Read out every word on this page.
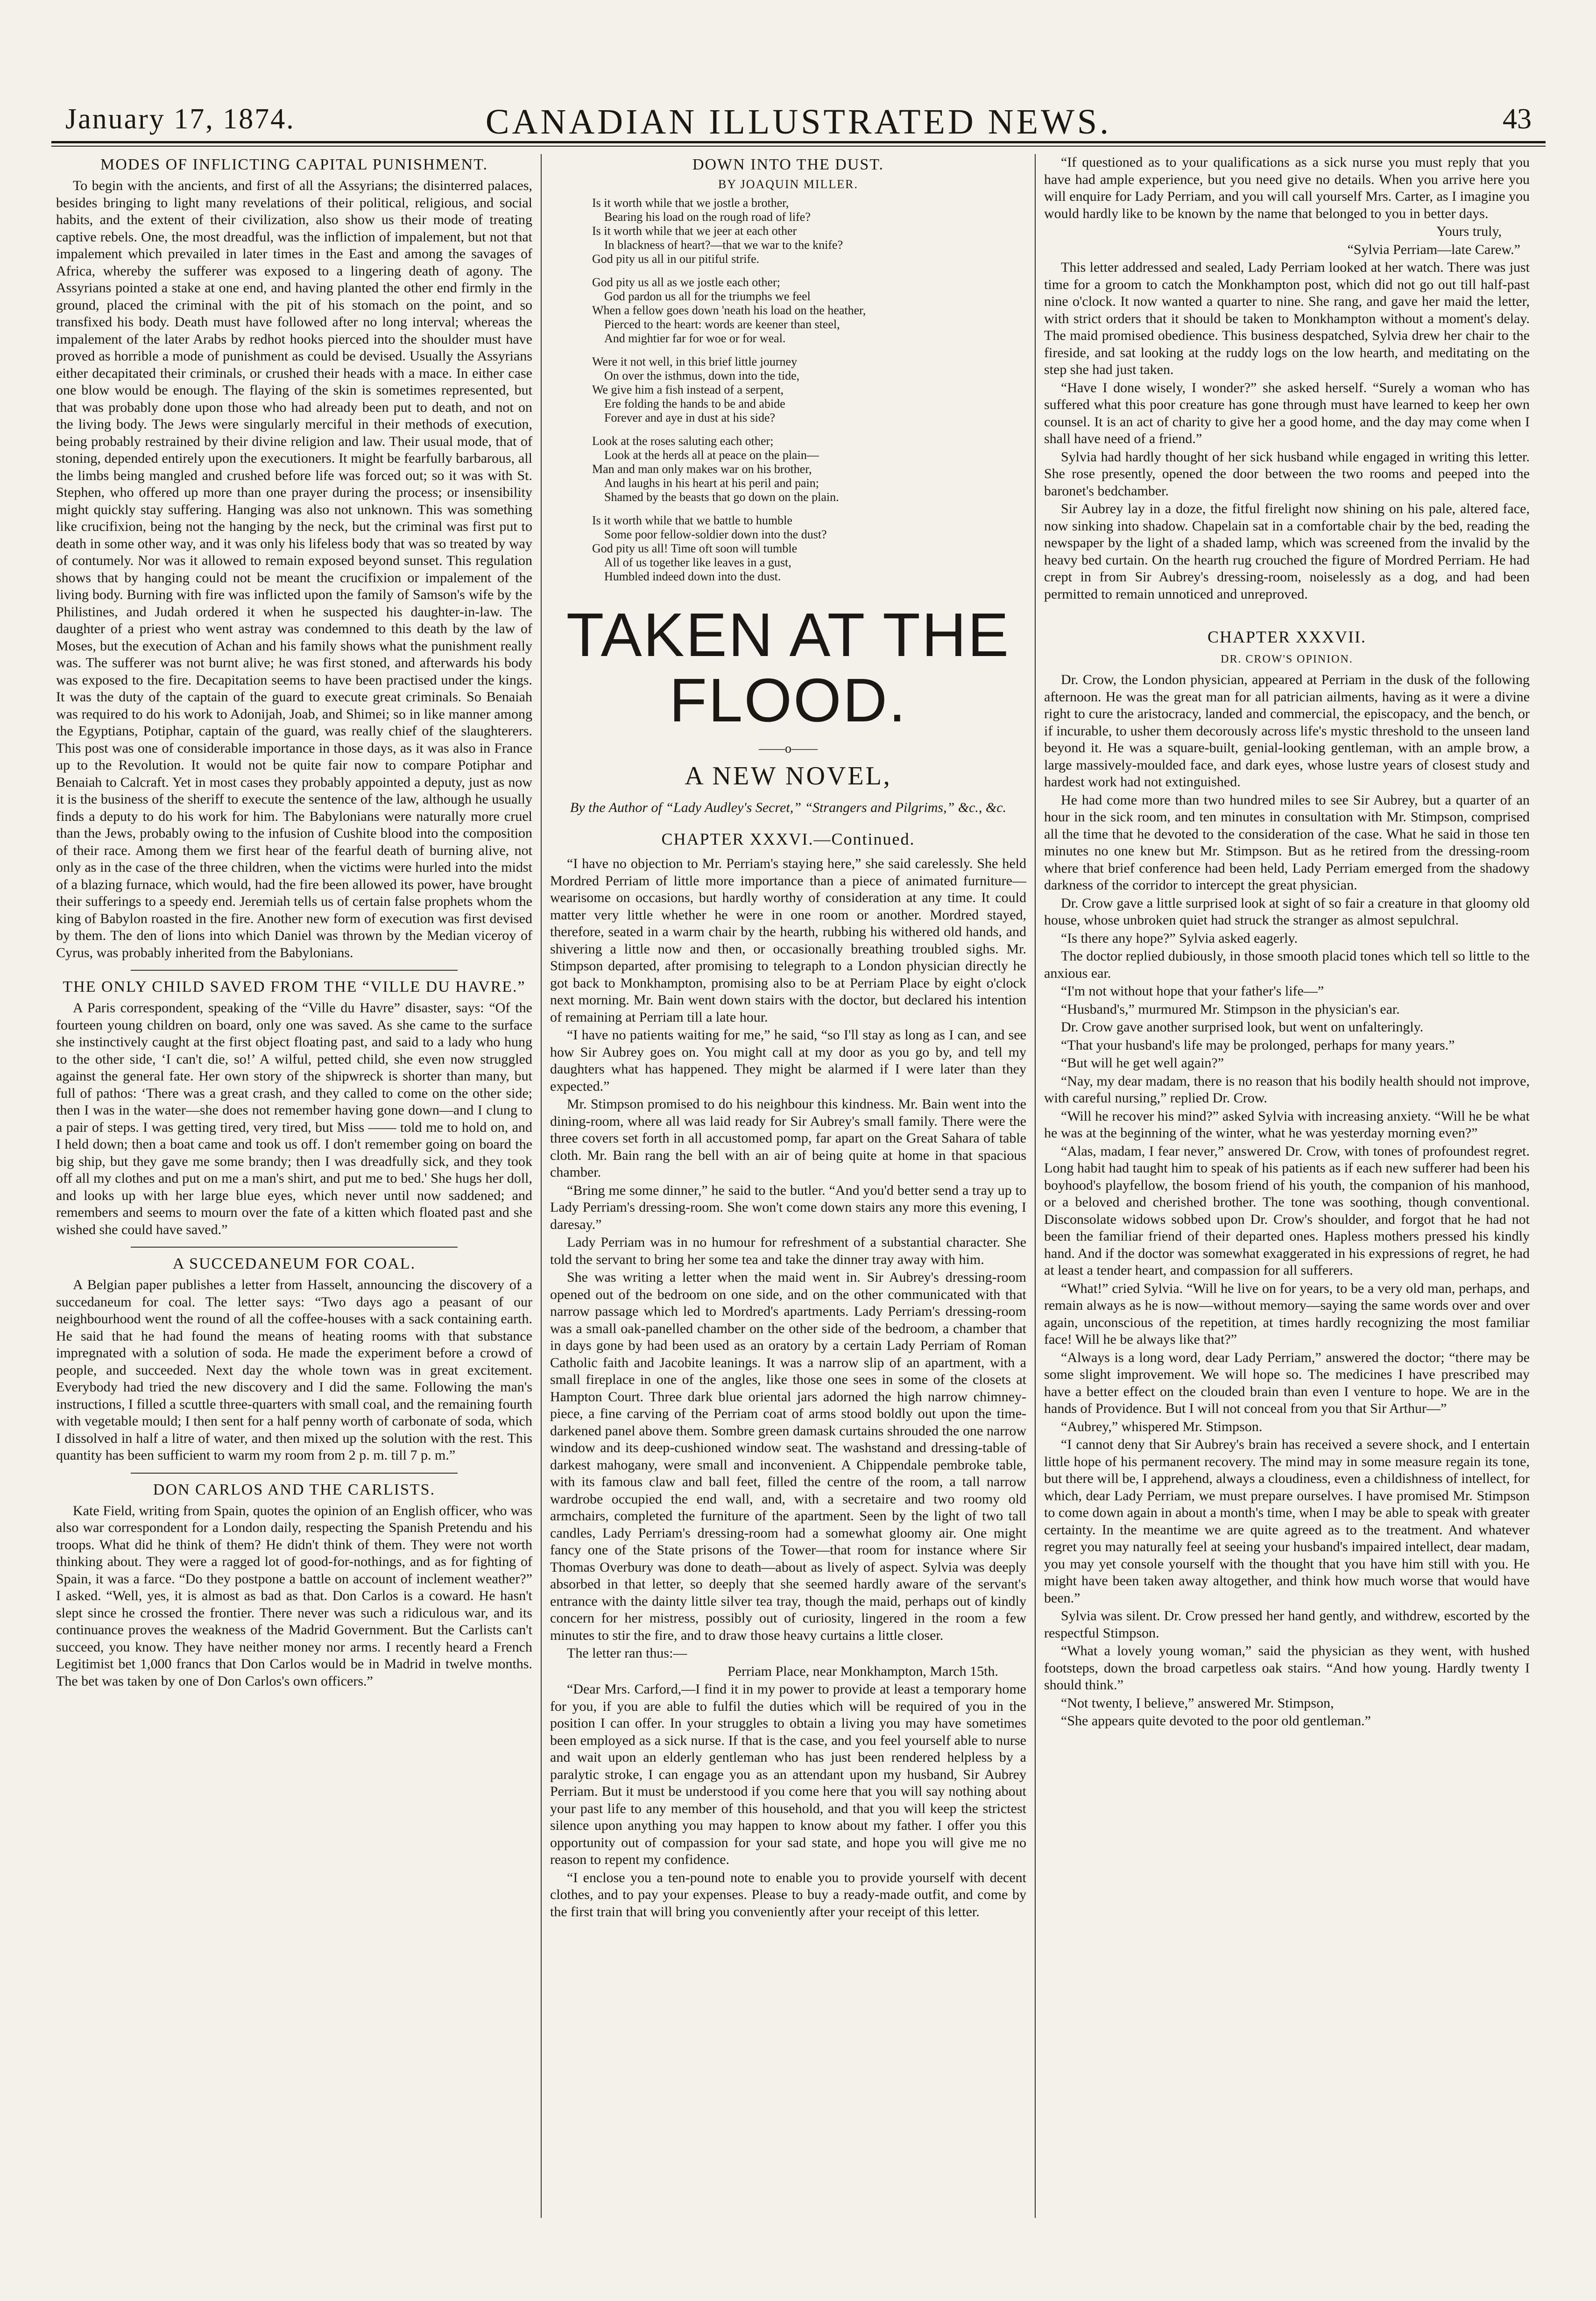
January 17, 1874.	CANADIAN ILLUSTRATED NEWS.	43
MODES OF INFLICTING CAPITAL PUNISHMENT.

To begin with the ancients, and first of all the Assyrians; the disinterred palaces, besides bringing to light many revelations of their political, religious, and social habits, and the extent of their civilization, also show us their mode of treating captive rebels. One, the most dreadful, was the infliction of impalement, but not that impalement which prevailed in later times in the East and among the savages of Africa, whereby the sufferer was exposed to a lingering death of agony. The Assyrians pointed a stake at one end, and having planted the other end firmly in the ground, placed the criminal with the pit of his stomach on the point, and so transfixed his body. Death must have followed after no long interval; whereas the impalement of the later Arabs by redhot hooks pierced into the shoulder must have proved as horrible a mode of punishment as could be devised. Usually the Assyrians either decapitated their criminals, or crushed their heads with a mace. In either case one blow would be enough. The flaying of the skin is sometimes represented, but that was probably done upon those who had already been put to death, and not on the living body. The Jews were singularly merciful in their methods of execution, being probably restrained by their divine religion and law. Their usual mode, that of stoning, depended entirely upon the executioners. It might be fearfully barbarous, all the limbs being mangled and crushed before life was forced out; so it was with St. Stephen, who offered up more than one prayer during the process; or insensibility might quickly stay suffering. Hanging was also not unknown. This was something like crucifixion, being not the hanging by the neck, but the criminal was first put to death in some other way, and it was only his lifeless body that was so treated by way of contumely. Nor was it allowed to remain exposed beyond sunset. This regulation shows that by hanging could not be meant the crucifixion or impalement of the living body. Burning with fire was inflicted upon the family of Samson's wife by the Philistines, and Judah ordered it when he suspected his daughter-in-law. The daughter of a priest who went astray was condemned to this death by the law of Moses, but the execution of Achan and his family shows what the punishment really was. The sufferer was not burnt alive; he was first stoned, and afterwards his body was exposed to the fire. Decapitation seems to have been practised under the kings. It was the duty of the captain of the guard to execute great criminals. So Benaiah was required to do his work to Adonijah, Joab, and Shimei; so in like manner among the Egyptians, Potiphar, captain of the guard, was really chief of the slaughterers. This post was one of considerable importance in those days, as it was also in France up to the Revolution. It would not be quite fair now to compare Potiphar and Benaiah to Calcraft. Yet in most cases they probably appointed a deputy, just as now it is the business of the sheriff to execute the sentence of the law, although he usually finds a deputy to do his work for him. The Babylonians were naturally more cruel than the Jews, probably owing to the infusion of Cushite blood into the composition of their race. Among them we first hear of the fearful death of burning alive, not only as in the case of the three children, when the victims were hurled into the midst of a blazing furnace, which would, had the fire been allowed its power, have brought their sufferings to a speedy end. Jeremiah tells us of certain false prophets whom the king of Babylon roasted in the fire. Another new form of execution was first devised by them. The den of lions into which Daniel was thrown by the Median viceroy of Cyrus, was probably inherited from the Babylonians.

THE ONLY CHILD SAVED FROM THE “VILLE DU HAVRE.”

A Paris correspondent, speaking of the “Ville du Havre” disaster, says: “Of the fourteen young children on board, only one was saved. As she came to the surface she instinctively caught at the first object floating past, and said to a lady who hung to the other side, ‘I can't die, so!’ A wilful, petted child, she even now struggled against the general fate. Her own story of the shipwreck is shorter than many, but full of pathos: ‘There was a great crash, and they called to come on the other side; then I was in the water—she does not remember having gone down—and I clung to a pair of steps. I was getting tired, very tired, but Miss —— told me to hold on, and I held down; then a boat came and took us off. I don't remember going on board the big ship, but they gave me some brandy; then I was dreadfully sick, and they took off all my clothes and put on me a man's shirt, and put me to bed.' She hugs her doll, and looks up with her large blue eyes, which never until now saddened; and remembers and seems to mourn over the fate of a kitten which floated past and she wished she could have saved.”

A SUCCEDANEUM FOR COAL.

A Belgian paper publishes a letter from Hasselt, announcing the discovery of a succedaneum for coal. The letter says: “Two days ago a peasant of our neighbourhood went the round of all the coffee-houses with a sack containing earth. He said that he had found the means of heating rooms with that substance impregnated with a solution of soda. He made the experiment before a crowd of people, and succeeded. Next day the whole town was in great excitement. Everybody had tried the new discovery and I did the same. Following the man's instructions, I filled a scuttle three-quarters with small coal, and the remaining fourth with vegetable mould; I then sent for a half penny worth of carbonate of soda, which I dissolved in half a litre of water, and then mixed up the solution with the rest. This quantity has been sufficient to warm my room from 2 p. m. till 7 p. m.”

DON CARLOS AND THE CARLISTS.

Kate Field, writing from Spain, quotes the opinion of an English officer, who was also war correspondent for a London daily, respecting the Spanish Pretendu and his troops. What did he think of them? He didn't think of them. They were not worth thinking about. They were a ragged lot of good-for-nothings, and as for fighting of Spain, it was a farce. “Do they postpone a battle on account of inclement weather?” I asked. “Well, yes, it is almost as bad as that. Don Carlos is a coward. He hasn't slept since he crossed the frontier. There never was such a ridiculous war, and its continuance proves the weakness of the Madrid Government. But the Carlists can't succeed, you know. They have neither money nor arms. I recently heard a French Legitimist bet 1,000 francs that Don Carlos would be in Madrid in twelve months. The bet was taken by one of Don Carlos's own officers.”

DOWN INTO THE DUST.
BY JOAQUIN MILLER.
Is it worth while that we jostle a brother,
Bearing his load on the rough road of life?
Is it worth while that we jeer at each other
In blackness of heart?—that we war to the knife?
God pity us all in our pitiful strife.
God pity us all as we jostle each other;
God pardon us all for the triumphs we feel
When a fellow goes down 'neath his load on the heather,
Pierced to the heart: words are keener than steel,
And mightier far for woe or for weal.
Were it not well, in this brief little journey
On over the isthmus, down into the tide,
We give him a fish instead of a serpent,
Ere folding the hands to be and abide
Forever and aye in dust at his side?
Look at the roses saluting each other;
Look at the herds all at peace on the plain—
Man and man only makes war on his brother,
And laughs in his heart at his peril and pain;
Shamed by the beasts that go down on the plain.
Is it worth while that we battle to humble
Some poor fellow-soldier down into the dust?
God pity us all! Time oft soon will tumble
All of us together like leaves in a gust,
Humbled indeed down into the dust.
TAKEN AT THE FLOOD.
——o——
A NEW NOVEL,
By the Author of “Lady Audley's Secret,” “Strangers and Pilgrims,” &c., &c.
CHAPTER XXXVI.—Continued.

“I have no objection to Mr. Perriam's staying here,” she said carelessly. She held Mordred Perriam of little more importance than a piece of animated furniture—wearisome on occasions, but hardly worthy of consideration at any time. It could matter very little whether he were in one room or another. Mordred stayed, therefore, seated in a warm chair by the hearth, rubbing his withered old hands, and shivering a little now and then, or occasionally breathing troubled sighs. Mr. Stimpson departed, after promising to telegraph to a London physician directly he got back to Monkhampton, promising also to be at Perriam Place by eight o'clock next morning. Mr. Bain went down stairs with the doctor, but declared his intention of remaining at Perriam till a late hour.

“I have no patients waiting for me,” he said, “so I'll stay as long as I can, and see how Sir Aubrey goes on. You might call at my door as you go by, and tell my daughters what has happened. They might be alarmed if I were later than they expected.”

Mr. Stimpson promised to do his neighbour this kindness. Mr. Bain went into the dining-room, where all was laid ready for Sir Aubrey's small family. There were the three covers set forth in all accustomed pomp, far apart on the Great Sahara of table cloth. Mr. Bain rang the bell with an air of being quite at home in that spacious chamber.

“Bring me some dinner,” he said to the butler. “And you'd better send a tray up to Lady Perriam's dressing-room. She won't come down stairs any more this evening, I daresay.”

Lady Perriam was in no humour for refreshment of a substantial character. She told the servant to bring her some tea and take the dinner tray away with him.

She was writing a letter when the maid went in. Sir Aubrey's dressing-room opened out of the bedroom on one side, and on the other communicated with that narrow passage which led to Mordred's apartments. Lady Perriam's dressing-room was a small oak-panelled chamber on the other side of the bedroom, a chamber that in days gone by had been used as an oratory by a certain Lady Perriam of Roman Catholic faith and Jacobite leanings. It was a narrow slip of an apartment, with a small fireplace in one of the angles, like those one sees in some of the closets at Hampton Court. Three dark blue oriental jars adorned the high narrow chimney-piece, a fine carving of the Perriam coat of arms stood boldly out upon the time-darkened panel above them. Sombre green damask curtains shrouded the one narrow window and its deep-cushioned window seat. The washstand and dressing-table of darkest mahogany, were small and inconvenient. A Chippendale pembroke table, with its famous claw and ball feet, filled the centre of the room, a tall narrow wardrobe occupied the end wall, and, with a secretaire and two roomy old armchairs, completed the furniture of the apartment. Seen by the light of two tall candles, Lady Perriam's dressing-room had a somewhat gloomy air. One might fancy one of the State prisons of the Tower—that room for instance where Sir Thomas Overbury was done to death—about as lively of aspect. Sylvia was deeply absorbed in that letter, so deeply that she seemed hardly aware of the servant's entrance with the dainty little silver tea tray, though the maid, perhaps out of kindly concern for her mistress, possibly out of curiosity, lingered in the room a few minutes to stir the fire, and to draw those heavy curtains a little closer.

The letter ran thus:—

Perriam Place, near Monkhampton, March 15th.

“Dear Mrs. Carford,—I find it in my power to provide at least a temporary home for you, if you are able to fulfil the duties which will be required of you in the position I can offer. In your struggles to obtain a living you may have sometimes been employed as a sick nurse. If that is the case, and you feel yourself able to nurse and wait upon an elderly gentleman who has just been rendered helpless by a paralytic stroke, I can engage you as an attendant upon my husband, Sir Aubrey Perriam. But it must be understood if you come here that you will say nothing about your past life to any member of this household, and that you will keep the strictest silence upon anything you may happen to know about my father. I offer you this opportunity out of compassion for your sad state, and hope you will give me no reason to repent my confidence.

“I enclose you a ten-pound note to enable you to provide yourself with decent clothes, and to pay your expenses. Please to buy a ready-made outfit, and come by the first train that will bring you conveniently after your receipt of this letter.

“If questioned as to your qualifications as a sick nurse you must reply that you have had ample experience, but you need give no details. When you arrive here you will enquire for Lady Perriam, and you will call yourself Mrs. Carter, as I imagine you would hardly like to be known by the name that belonged to you in better days.

Yours truly,

“Sylvia Perriam—late Carew.”

This letter addressed and sealed, Lady Perriam looked at her watch. There was just time for a groom to catch the Monkhampton post, which did not go out till half-past nine o'clock. It now wanted a quarter to nine. She rang, and gave her maid the letter, with strict orders that it should be taken to Monkhampton without a moment's delay. The maid promised obedience. This business despatched, Sylvia drew her chair to the fireside, and sat looking at the ruddy logs on the low hearth, and meditating on the step she had just taken.

“Have I done wisely, I wonder?” she asked herself. “Surely a woman who has suffered what this poor creature has gone through must have learned to keep her own counsel. It is an act of charity to give her a good home, and the day may come when I shall have need of a friend.”

Sylvia had hardly thought of her sick husband while engaged in writing this letter. She rose presently, opened the door between the two rooms and peeped into the baronet's bedchamber.

Sir Aubrey lay in a doze, the fitful firelight now shining on his pale, altered face, now sinking into shadow. Chapelain sat in a comfortable chair by the bed, reading the newspaper by the light of a shaded lamp, which was screened from the invalid by the heavy bed curtain. On the hearth rug crouched the figure of Mordred Perriam. He had crept in from Sir Aubrey's dressing-room, noiselessly as a dog, and had been permitted to remain unnoticed and unreproved.

CHAPTER XXXVII.
DR. CROW'S OPINION.

Dr. Crow, the London physician, appeared at Perriam in the dusk of the following afternoon. He was the great man for all patrician ailments, having as it were a divine right to cure the aristocracy, landed and commercial, the episcopacy, and the bench, or if incurable, to usher them decorously across life's mystic threshold to the unseen land beyond it. He was a square-built, genial-looking gentleman, with an ample brow, a large massively-moulded face, and dark eyes, whose lustre years of closest study and hardest work had not extinguished.

He had come more than two hundred miles to see Sir Aubrey, but a quarter of an hour in the sick room, and ten minutes in consultation with Mr. Stimpson, comprised all the time that he devoted to the consideration of the case. What he said in those ten minutes no one knew but Mr. Stimpson. But as he retired from the dressing-room where that brief conference had been held, Lady Perriam emerged from the shadowy darkness of the corridor to intercept the great physician.

Dr. Crow gave a little surprised look at sight of so fair a creature in that gloomy old house, whose unbroken quiet had struck the stranger as almost sepulchral.

“Is there any hope?” Sylvia asked eagerly.

The doctor replied dubiously, in those smooth placid tones which tell so little to the anxious ear.

“I'm not without hope that your father's life—”

“Husband's,” murmured Mr. Stimpson in the physician's ear.

Dr. Crow gave another surprised look, but went on unfalteringly.

“That your husband's life may be prolonged, perhaps for many years.”

“But will he get well again?”

“Nay, my dear madam, there is no reason that his bodily health should not improve, with careful nursing,” replied Dr. Crow.

“Will he recover his mind?” asked Sylvia with increasing anxiety. “Will he be what he was at the beginning of the winter, what he was yesterday morning even?”

“Alas, madam, I fear never,” answered Dr. Crow, with tones of profoundest regret. Long habit had taught him to speak of his patients as if each new sufferer had been his boyhood's playfellow, the bosom friend of his youth, the companion of his manhood, or a beloved and cherished brother. The tone was soothing, though conventional. Disconsolate widows sobbed upon Dr. Crow's shoulder, and forgot that he had not been the familiar friend of their departed ones. Hapless mothers pressed his kindly hand. And if the doctor was somewhat exaggerated in his expressions of regret, he had at least a tender heart, and compassion for all sufferers.

“What!” cried Sylvia. “Will he live on for years, to be a very old man, perhaps, and remain always as he is now—without memory—saying the same words over and over again, unconscious of the repetition, at times hardly recognizing the most familiar face! Will he be always like that?”

“Always is a long word, dear Lady Perriam,” answered the doctor; “there may be some slight improvement. We will hope so. The medicines I have prescribed may have a better effect on the clouded brain than even I venture to hope. We are in the hands of Providence. But I will not conceal from you that Sir Arthur—”

“Aubrey,” whispered Mr. Stimpson.

“I cannot deny that Sir Aubrey's brain has received a severe shock, and I entertain little hope of his permanent recovery. The mind may in some measure regain its tone, but there will be, I apprehend, always a cloudiness, even a childishness of intellect, for which, dear Lady Perriam, we must prepare ourselves. I have promised Mr. Stimpson to come down again in about a month's time, when I may be able to speak with greater certainty. In the meantime we are quite agreed as to the treatment. And whatever regret you may naturally feel at seeing your husband's impaired intellect, dear madam, you may yet console yourself with the thought that you have him still with you. He might have been taken away altogether, and think how much worse that would have been.”

Sylvia was silent. Dr. Crow pressed her hand gently, and withdrew, escorted by the respectful Stimpson.

“What a lovely young woman,” said the physician as they went, with hushed footsteps, down the broad carpetless oak stairs. “And how young. Hardly twenty I should think.”

“Not twenty, I believe,” answered Mr. Stimpson,

“She appears quite devoted to the poor old gentleman.”
